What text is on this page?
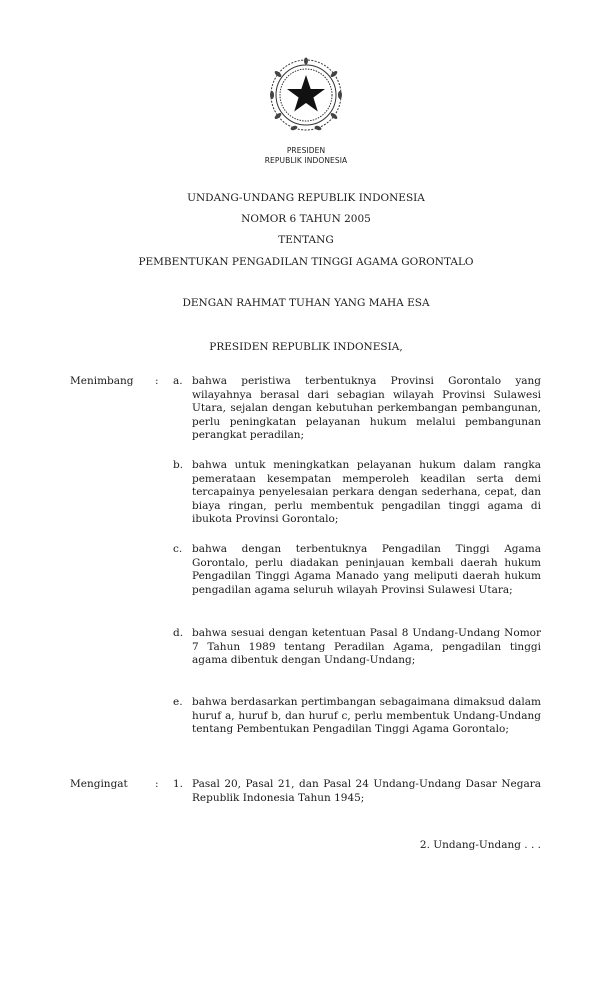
PRESIDEN
REPUBLIK INDONESIA
UNDANG-UNDANG REPUBLIK INDONESIA
NOMOR 6 TAHUN 2005
TENTANG
PEMBENTUKAN PENGADILAN TINGGI AGAMA GORONTALO
DENGAN RAHMAT TUHAN YANG MAHA ESA
PRESIDEN REPUBLIK INDONESIA,
Menimbang : a. bahwa peristiwa terbentuknya Provinsi Gorontalo yang wilayahnya berasal dari sebagian wilayah Provinsi Sulawesi Utara, sejalan dengan kebutuhan perkembangan pembangunan, perlu peningkatan pelayanan hukum melalui pembangunan perangkat peradilan;

b. bahwa untuk meningkatkan pelayanan hukum dalam rangka pemerataan kesempatan memperoleh keadilan serta demi tercapainya penyelesaian perkara dengan sederhana, cepat, dan biaya ringan, perlu membentuk pengadilan tinggi agama di ibukota Provinsi Gorontalo;

c. bahwa dengan terbentuknya Pengadilan Tinggi Agama Gorontalo, perlu diadakan peninjauan kembali daerah hukum Pengadilan Tinggi Agama Manado yang meliputi daerah hukum pengadilan agama seluruh wilayah Provinsi Sulawesi Utara;

d. bahwa sesuai dengan ketentuan Pasal 8 Undang-Undang Nomor 7 Tahun 1989 tentang Peradilan Agama, pengadilan tinggi agama dibentuk dengan Undang-Undang;

e. bahwa berdasarkan pertimbangan sebagaimana dimaksud dalam huruf a, huruf b, dan huruf c, perlu membentuk Undang-Undang tentang Pembentukan Pengadilan Tinggi Agama Gorontalo;

Mengingat	: 1. Pasal 20, Pasal 21, dan Pasal 24 Undang-Undang Dasar Negara Republik Indonesia Tahun 1945;

2. Undang-Undang . . .
